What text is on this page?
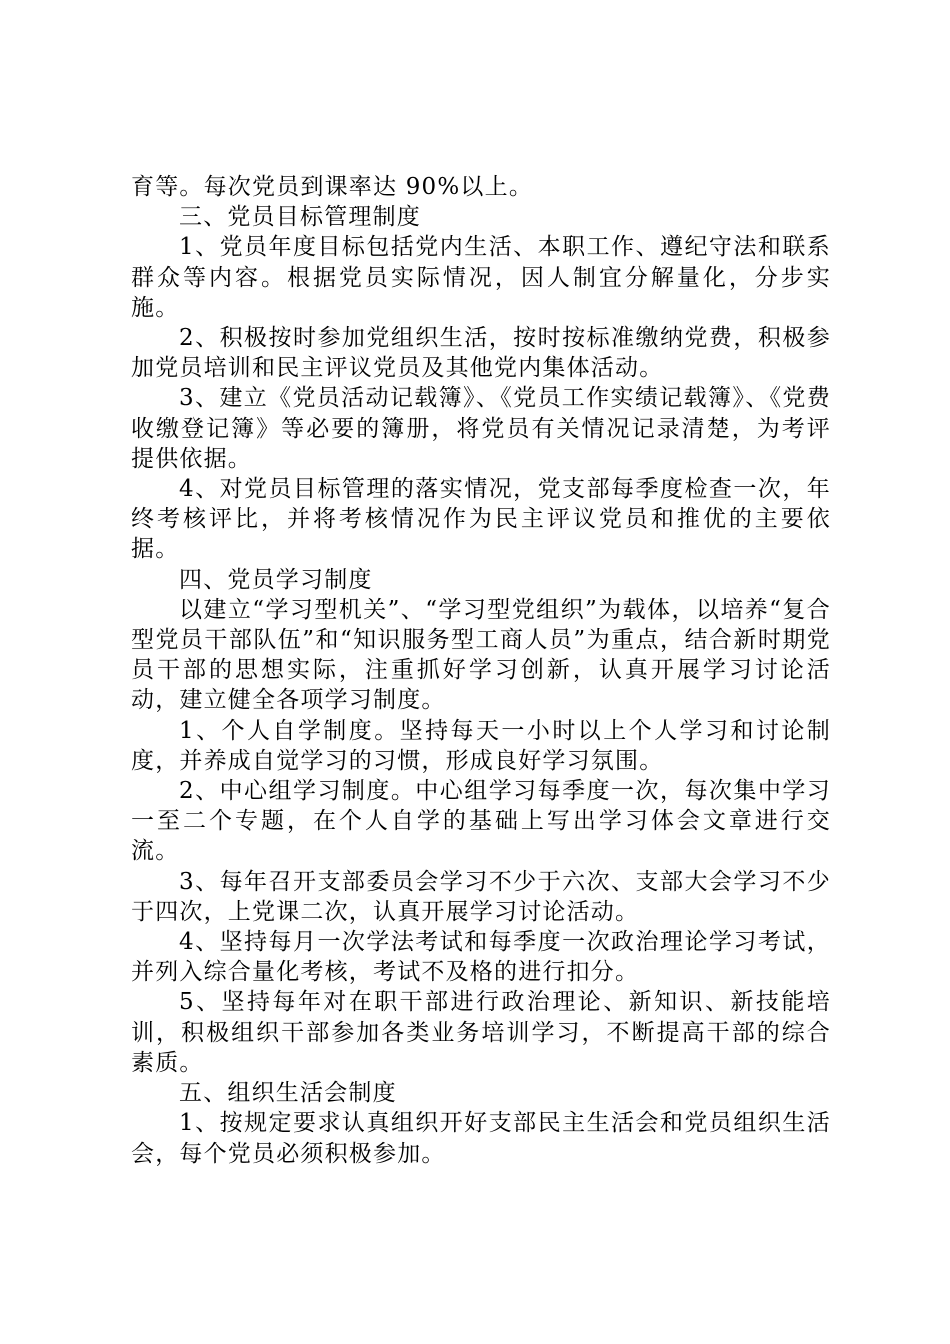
育等。每次党员到课率达 90%以上。

三、党员目标管理制度

1、党员年度目标包括党内生活、本职工作、遵纪守法和联系群众等内容。根据党员实际情况，因人制宜分解量化，分步实施。

2、积极按时参加党组织生活，按时按标准缴纳党费，积极参加党员培训和民主评议党员及其他党内集体活动。

3、建立《党员活动记载簿》、《党员工作实绩记载簿》、《党费收缴登记簿》等必要的簿册，将党员有关情况记录清楚，为考评提供依据。

4、对党员目标管理的落实情况，党支部每季度检查一次，年终考核评比，并将考核情况作为民主评议党员和推优的主要依据。

四、党员学习制度

以建立“学习型机关”、“学习型党组织”为载体，以培养“复合型党员干部队伍”和“知识服务型工商人员”为重点，结合新时期党员干部的思想实际，注重抓好学习创新，认真开展学习讨论活动，建立健全各项学习制度。

1、个人自学制度。坚持每天一小时以上个人学习和讨论制度，并养成自觉学习的习惯，形成良好学习氛围。

2、中心组学习制度。中心组学习每季度一次，每次集中学习一至二个专题，在个人自学的基础上写出学习体会文章进行交流。

3、每年召开支部委员会学习不少于六次、支部大会学习不少于四次，上党课二次，认真开展学习讨论活动。

4、坚持每月一次学法考试和每季度一次政治理论学习考试，并列入综合量化考核，考试不及格的进行扣分。

5、坚持每年对在职干部进行政治理论、新知识、新技能培训，积极组织干部参加各类业务培训学习，不断提高干部的综合素质。

五、组织生活会制度

1、按规定要求认真组织开好支部民主生活会和党员组织生活会，每个党员必须积极参加。
